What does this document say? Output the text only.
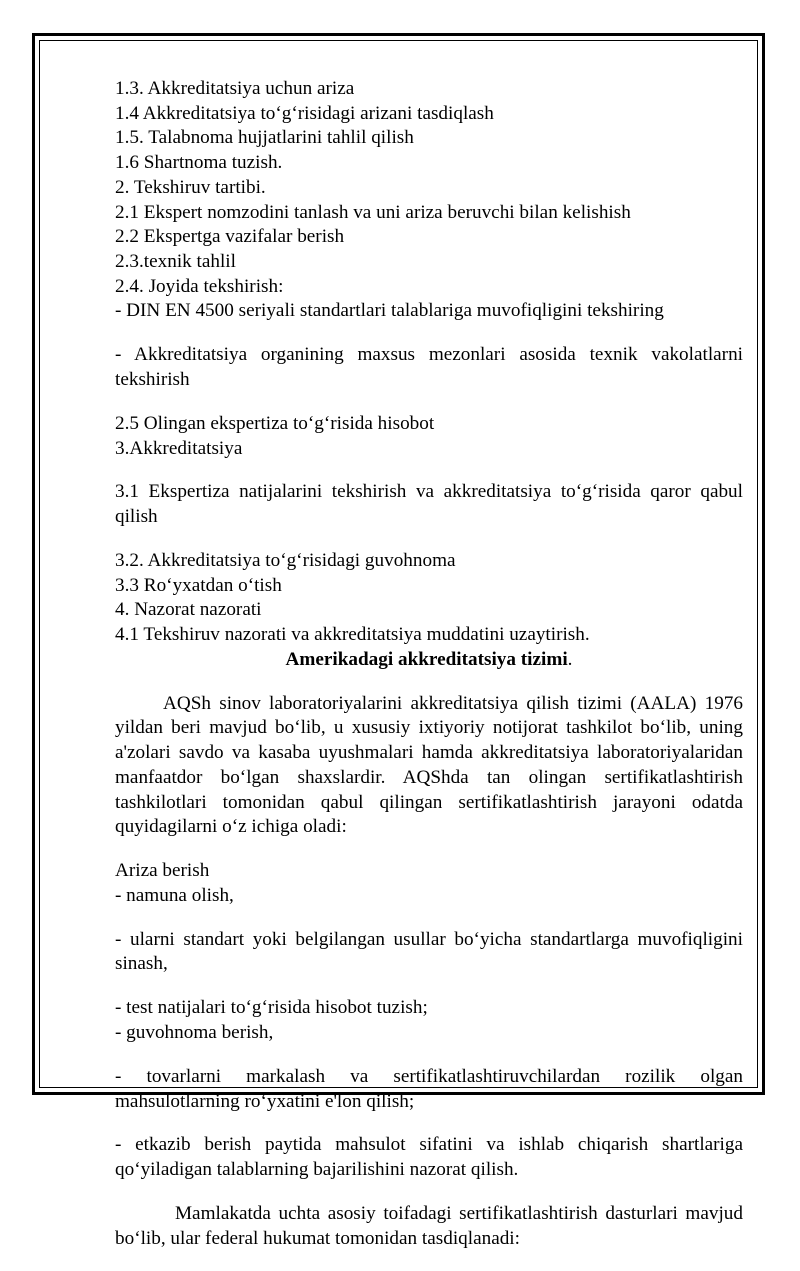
1.3. Akkreditatsiya uchun ariza

1.4 Akkreditatsiya to‘g‘risidagi arizani tasdiqlash

1.5. Talabnoma hujjatlarini tahlil qilish

1.6 Shartnoma tuzish.

2. Tekshiruv tartibi.

2.1 Ekspert nomzodini tanlash va uni ariza beruvchi bilan kelishish

2.2 Ekspertga vazifalar berish

2.3.texnik tahlil

2.4. Joyida tekshirish:

- DIN EN 4500 seriyali standartlari talablariga muvofiqligini tekshiring

- Akkreditatsiya organining maxsus mezonlari asosida texnik vakolatlarni tekshirish

2.5 Olingan ekspertiza to‘g‘risida hisobot

3.Akkreditatsiya

3.1 Ekspertiza natijalarini tekshirish va akkreditatsiya to‘g‘risida qaror qabul qilish

3.2. Akkreditatsiya to‘g‘risidagi guvohnoma

3.3 Ro‘yxatdan o‘tish

4. Nazorat nazorati

4.1 Tekshiruv nazorati va akkreditatsiya muddatini uzaytirish.

Amerikadagi akkreditatsiya tizimi.

AQSh sinov laboratoriyalarini akkreditatsiya qilish tizimi (AALA) 1976 yildan beri mavjud bo‘lib, u xususiy ixtiyoriy notijorat tashkilot bo‘lib, uning a'zolari savdo va kasaba uyushmalari hamda akkreditatsiya laboratoriyalaridan manfaatdor bo‘lgan shaxslardir. AQShda tan olingan sertifikatlashtirish tashkilotlari tomonidan qabul qilingan sertifikatlashtirish jarayoni odatda quyidagilarni o‘z ichiga oladi:

Ariza berish

- namuna olish,

- ularni standart yoki belgilangan usullar bo‘yicha standartlarga muvofiqligini sinash,

- test natijalari to‘g‘risida hisobot tuzish;

- guvohnoma berish,

- tovarlarni markalash va sertifikatlashtiruvchilardan rozilik olgan mahsulotlarning ro‘yxatini e'lon qilish;

- etkazib berish paytida mahsulot sifatini va ishlab chiqarish shartlariga qo‘yiladigan talablarning bajarilishini nazorat qilish.

Mamlakatda uchta asosiy toifadagi sertifikatlashtirish dasturlari mavjud bo‘lib, ular federal hukumat tomonidan tasdiqlanadi:
